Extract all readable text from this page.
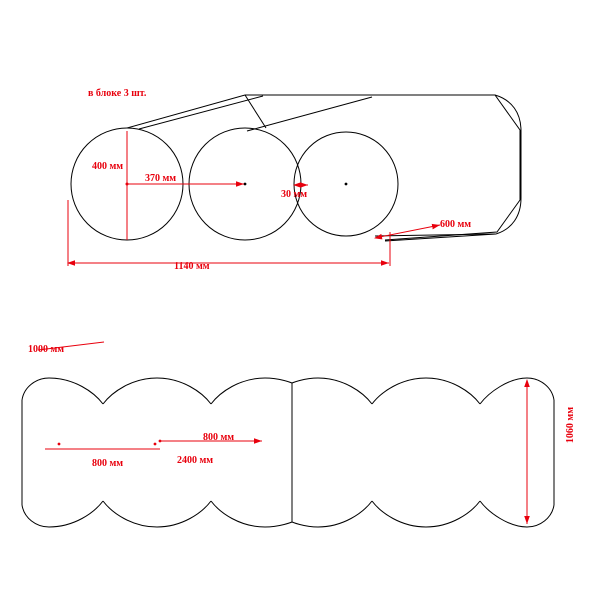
в блоке 3 шт.
400 мм
370 мм
30 мм
600 мм
1140 мм
1000 мм
800 мм
800 мм
2400 мм
1060 мм
